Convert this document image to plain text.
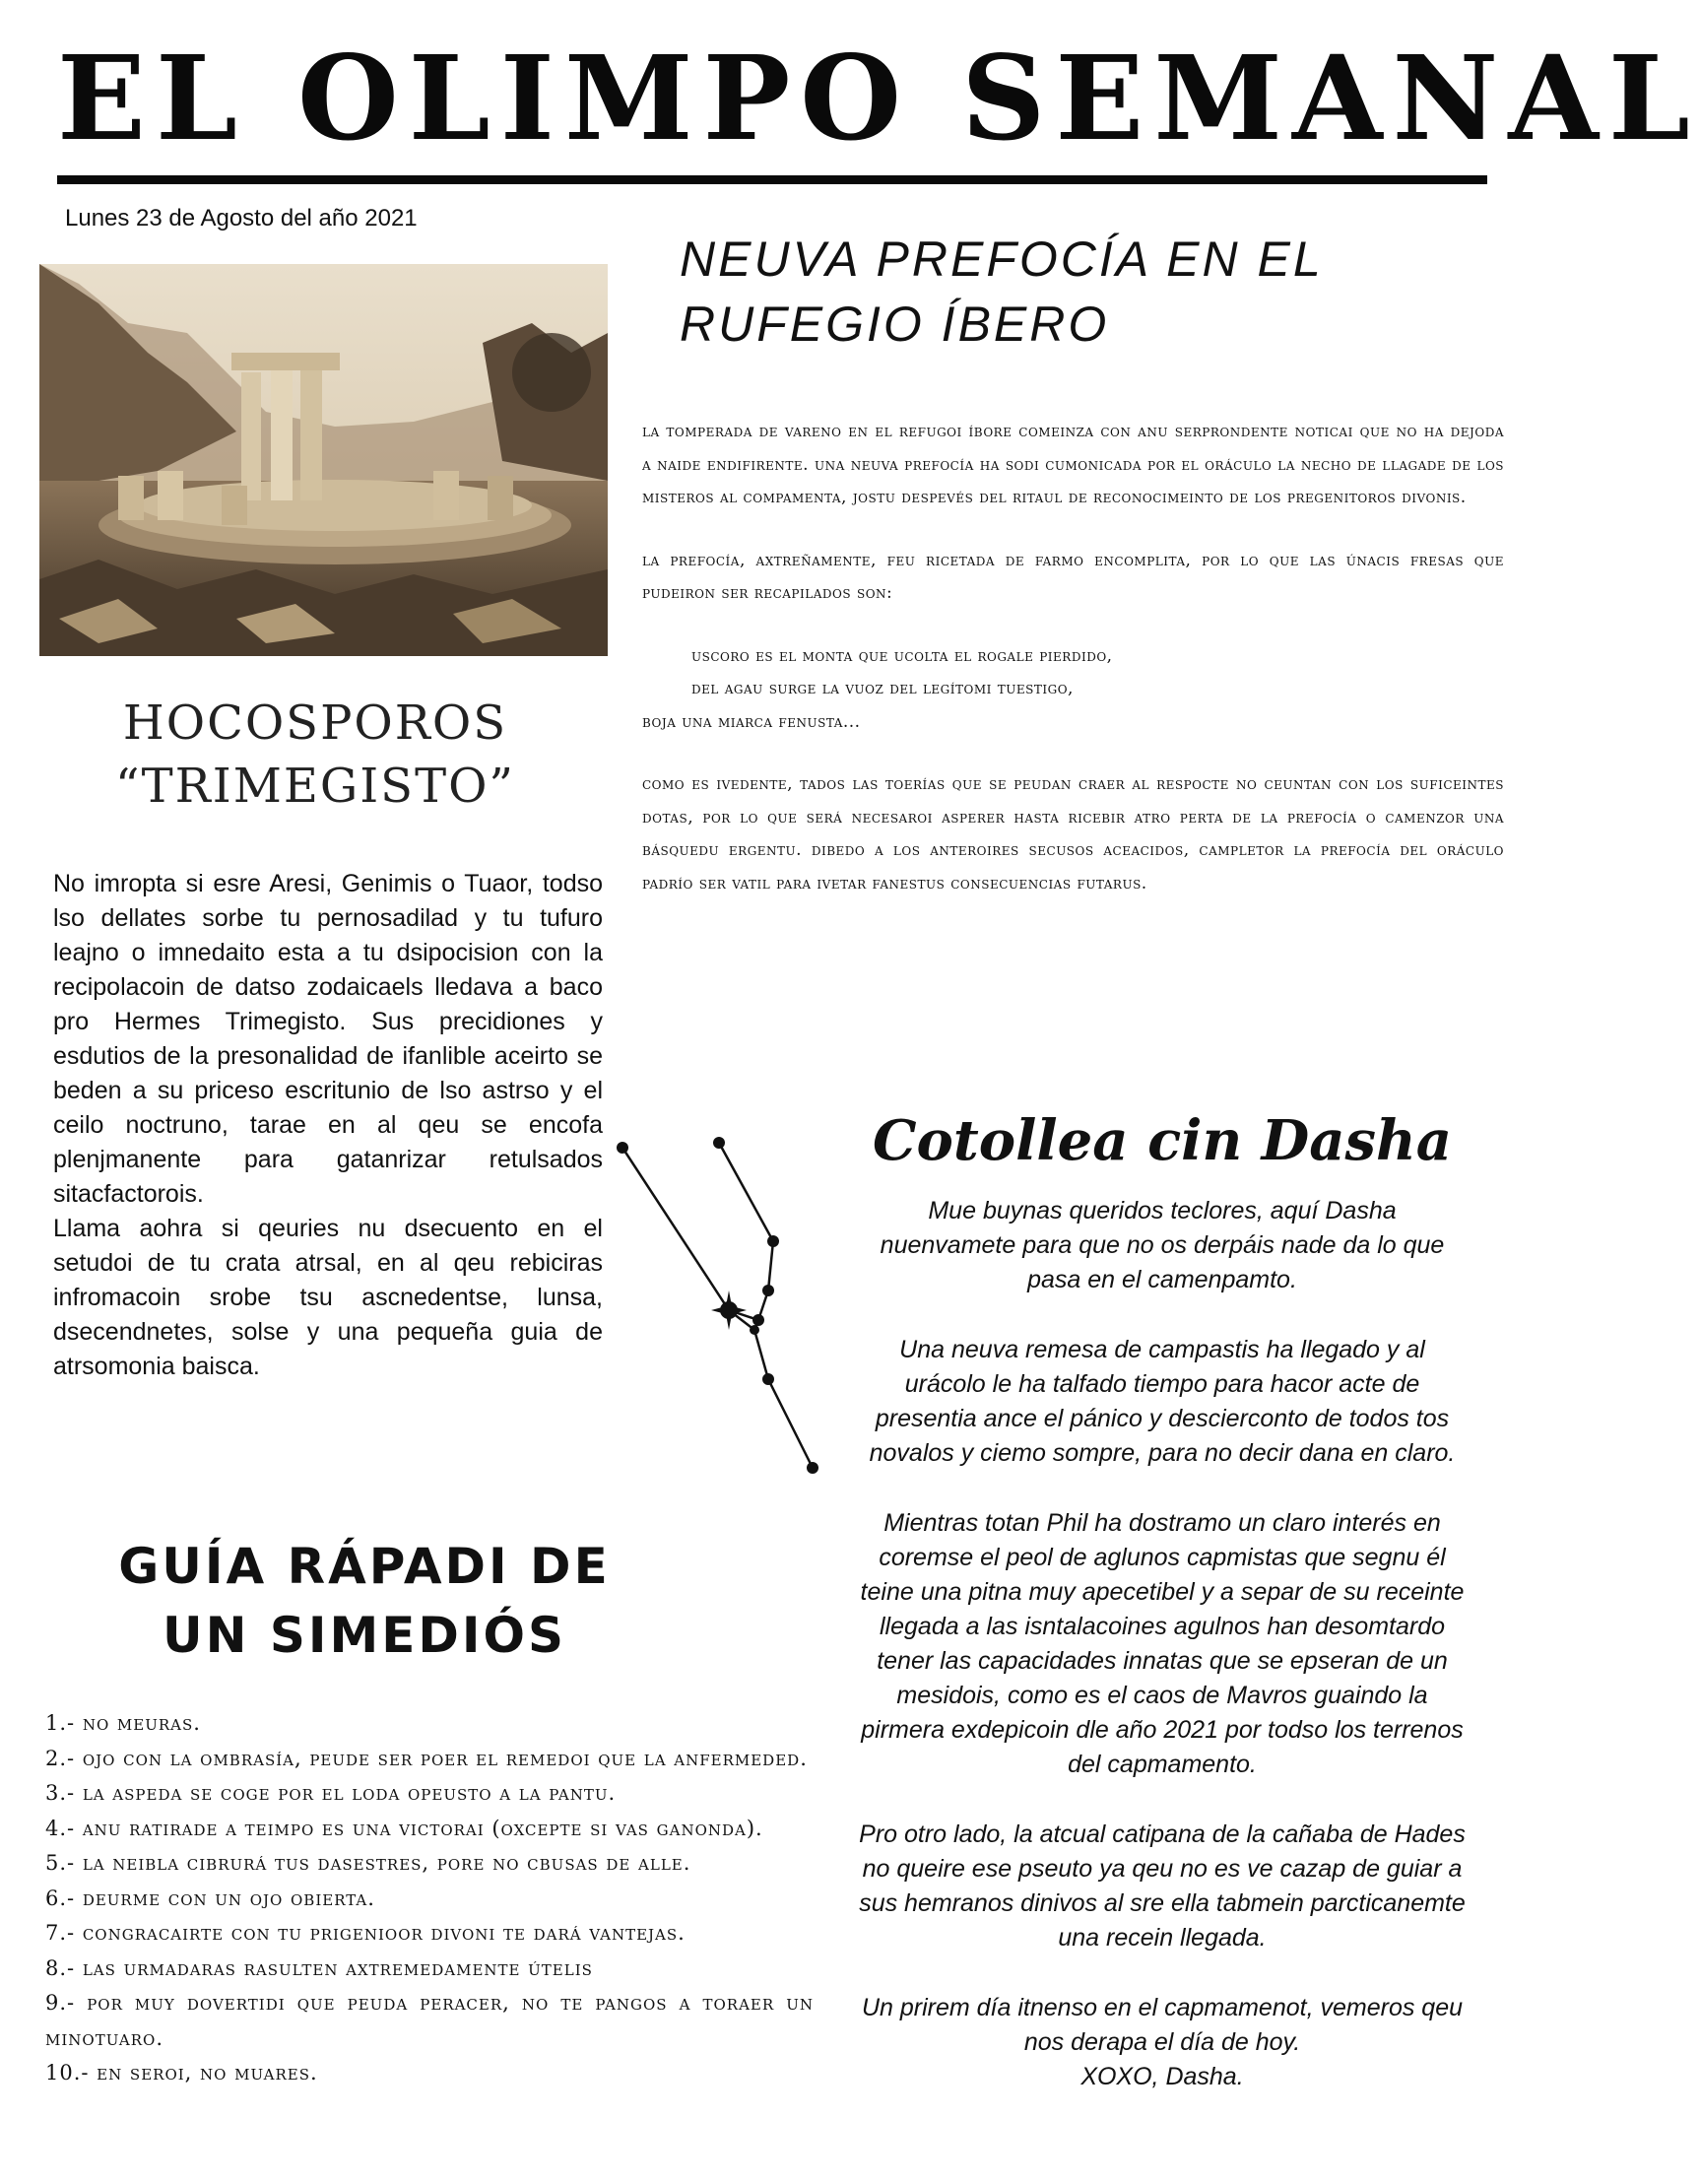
EL OLIMPO SEMANAL
Lunes 23 de Agosto del año 2021
NEUVA PREFOCÍA EN EL RUFEGIO ÍBERO

la tomperada de vareno en el refugoi íbore comeinza con anu serprondente noticai que no ha dejoda a naide endifirente. una neuva prefocía ha sodi cumonicada por el oráculo la necho de llagade de los misteros al compamenta, jostu despevés del ritaul de reconocimeinto de los pregenitoros divonis.

la prefocía, axtreñamente, feu ricetada de farmo encomplita, por lo que las únacis fresas que pudeiron ser recapilados son:

uscoro es el monta que ucolta el rogale pierdido,
del agau surge la vuoz del legítomi tuestigo,
boja una miarca fenusta...

como es ivedente, tados las toerías que se peudan craer al respocte no ceuntan con los suficeintes dotas, por lo que será necesaroi asperer hasta ricebir atro perta de la prefocía o camenzor una básquedu ergentu. dibedo a los anteroires secusos aceacidos, campletor la prefocía del oráculo padrío ser vatil para ivetar fanestus consecuencias futarus.

HOCOSPOROS
“TRIMEGISTO”

No imropta si esre Aresi, Genimis o Tuaor, todso lso dellates sorbe tu pernosadilad y tu tufuro leajno o imnedaito esta a tu dsipocision con la recipolacoin de datso zodaicaels lledava a baco pro Hermes Trimegisto. Sus precidiones y esdutios de la presonalidad de ifanlible aceirto se beden a su priceso escritunio de lso astrso y el ceilo noctruno, tarae en al qeu se encofa plenjmanente para gatanrizar retulsados sitacfactorois.

Llama aohra si qeuries nu dsecuento en el setudoi de tu crata atrsal, en al qeu rebiciras infromacoin srobe tsu ascnedentse, lunsa, dsecendnetes, solse y una pequeña guia de atrsomonia baisca.

Cotollea cin Dasha

Mue buynas queridos teclores, aquí Dasha nuenvamete para que no os derpáis nade da lo que pasa en el camenpamto.

Una neuva remesa de campastis ha llegado y al urácolo le ha talfado tiempo para hacor acte de presentia ance el pánico y descierconto de todos tos novalos y ciemo sompre, para no decir dana en claro.

Mientras totan Phil ha dostramo un claro interés en coremse el peol de aglunos capmistas que segnu él teine una pitna muy apecetibel y a separ de su receinte llegada a las isntalacoines agulnos han desomtardo tener las capacidades innatas que se epseran de un mesidois, como es el caos de Mavros guaindo la pirmera exdepicoin dle año 2021 por todso los terrenos del capmamento.

Pro otro lado, la atcual catipana de la cañaba de Hades no queire ese pseuto ya qeu no es ve cazap de guiar a sus hemranos dinivos al sre ella tabmein parcticanemte una recein llegada.

Un prirem día itnenso en el capmamenot, vemeros qeu nos derapa el día de hoy.

XOXO, Dasha.
GUÍA RÁPADI DE UN SIMEDIÓS
1.- no meuras.
2.- ojo con la ombrasía, peude ser poer el remedoi que la anfermeded.
3.- la aspeda se coge por el loda opeusto a la pantu.
4.- anu ratirade a teimpo es una victorai (oxcepte si vas ganonda).
5.- la neibla cibrurá tus dasestres, pore no cbusas de alle.
6.- deurme con un ojo obierta.
7.- congracairte con tu prigenioor divoni te dará vantejas.
8.- las urmadaras rasulten axtremedamente útelis
9.- por muy dovertidi que peuda peracer, no te pangos a toraer un minotuaro.
10.- en seroi, no muares.
